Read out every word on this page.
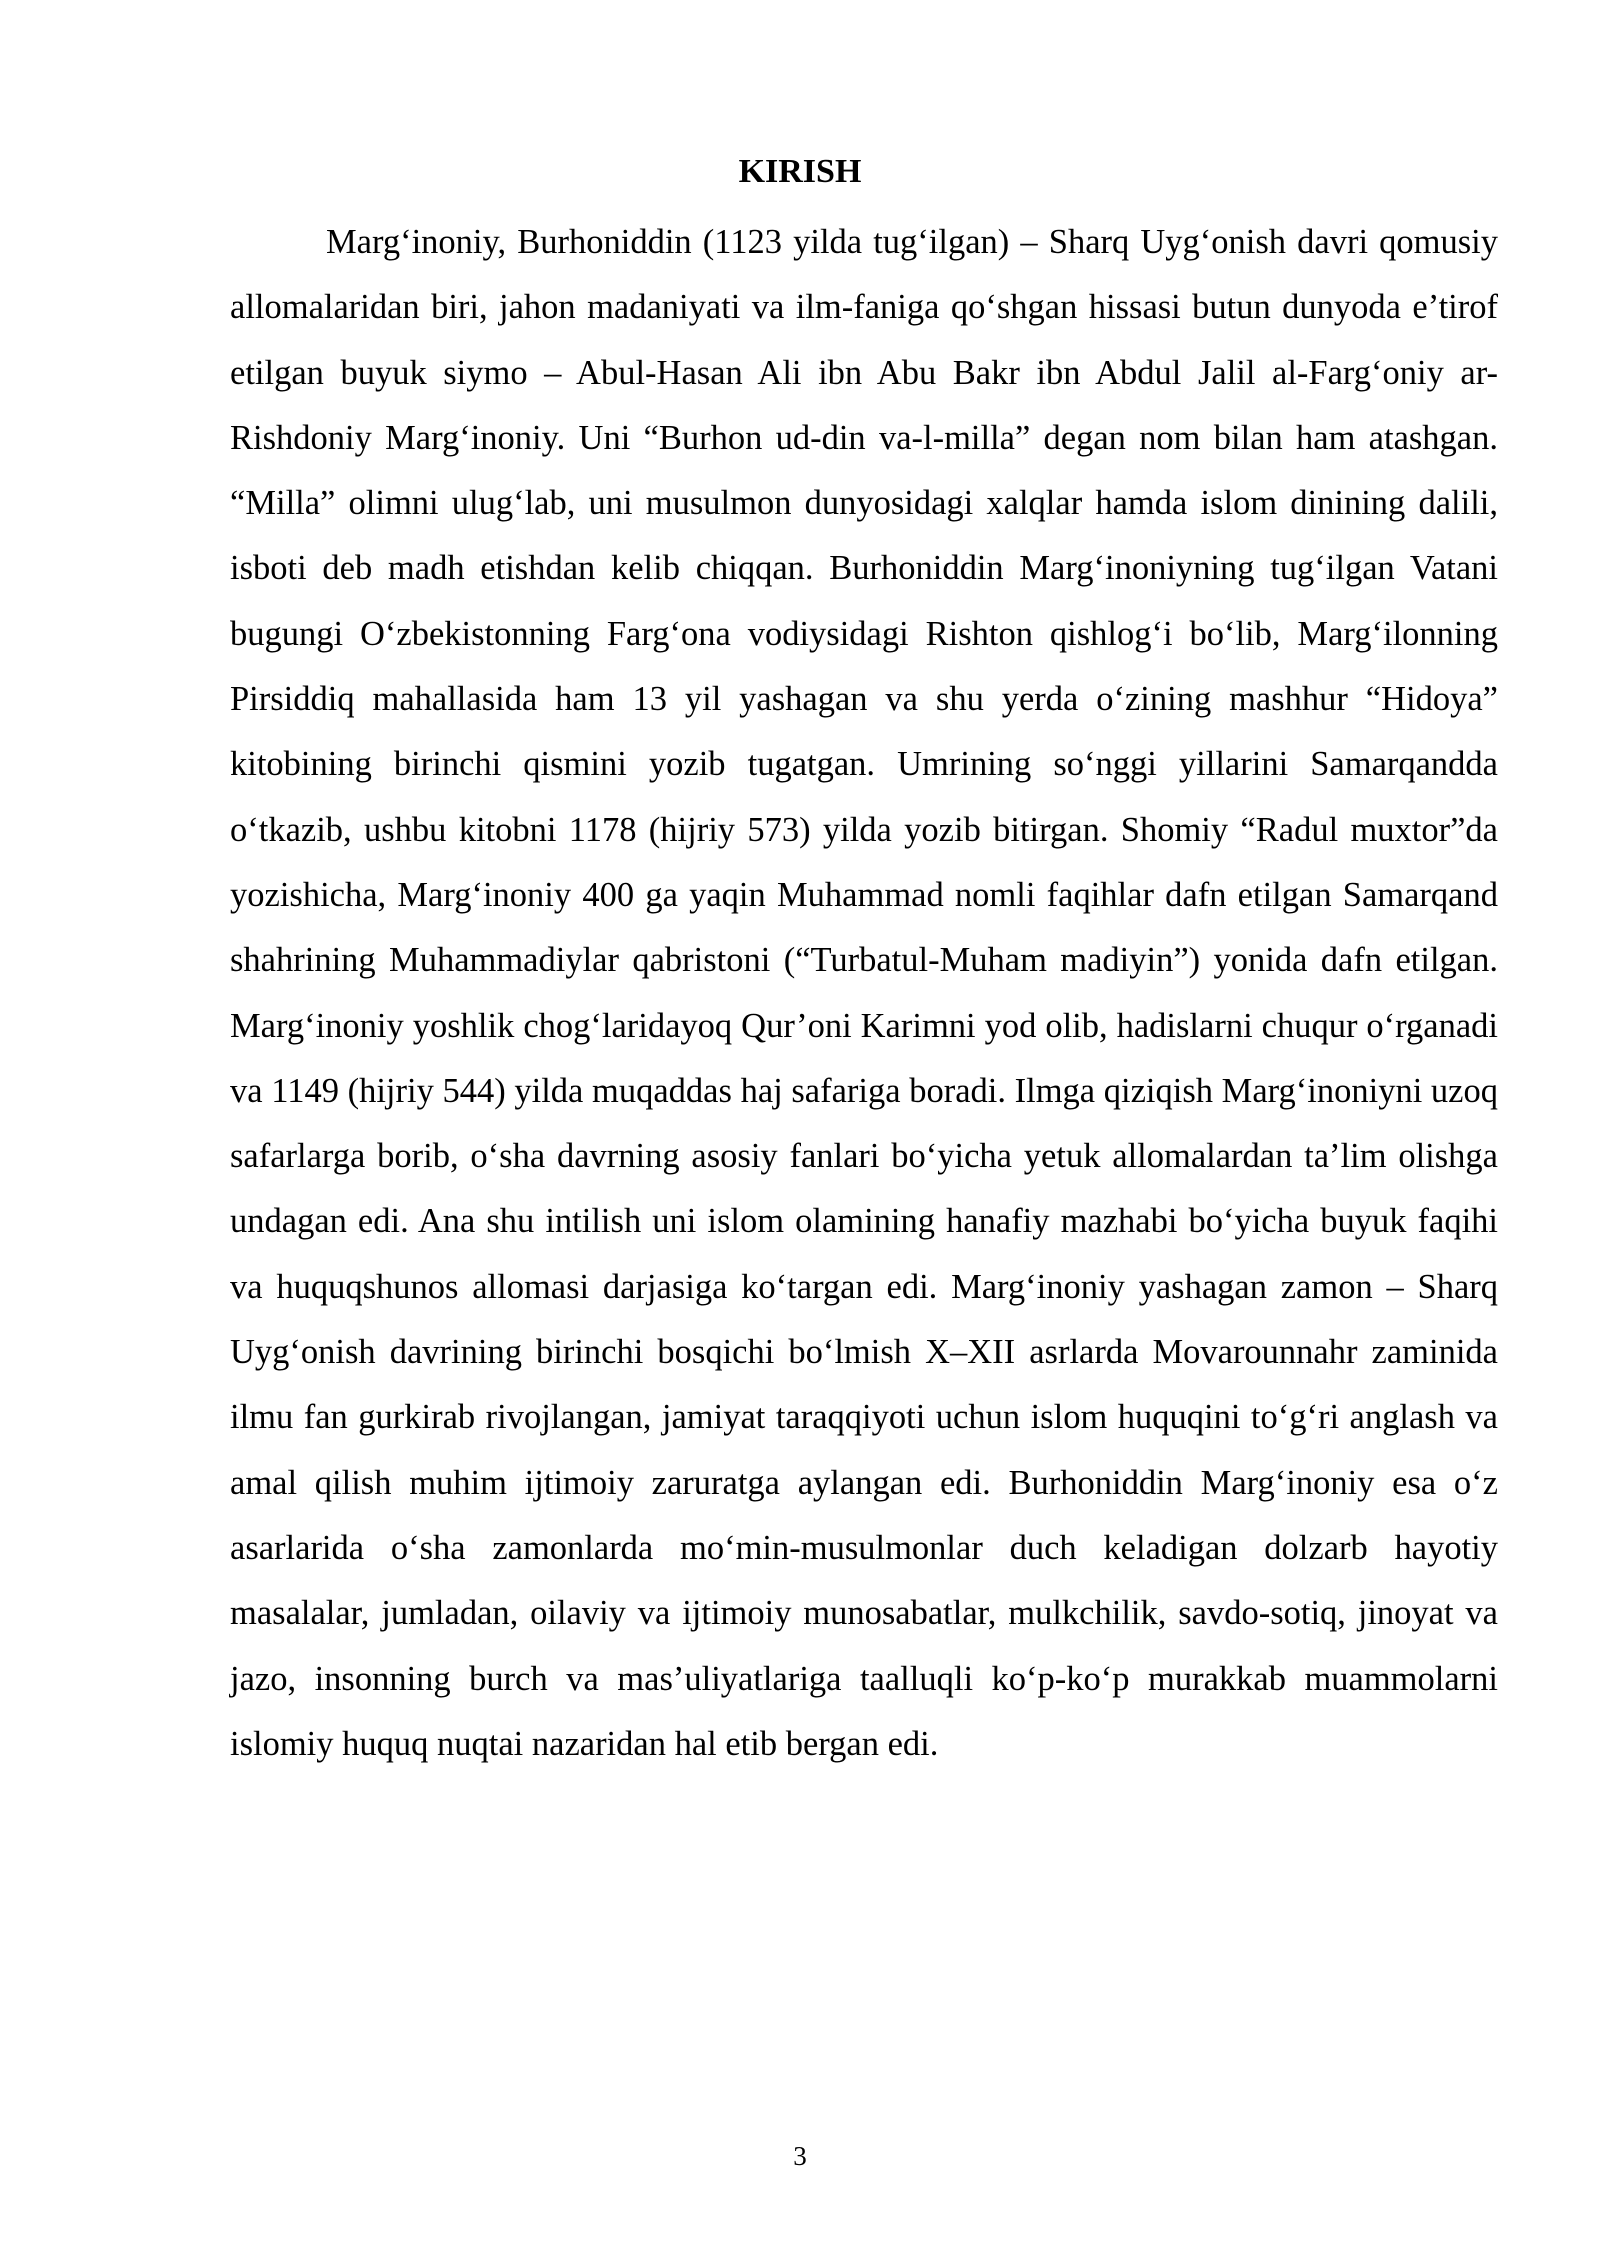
KIRISH

Marg‘inoniy, Burhoniddin (1123 yilda tug‘ilgan) – Sharq Uyg‘onish davri qomusiy allomalaridan biri, jahon madaniyati va ilm-faniga qo‘shgan hissasi butun dunyoda e’tirof etilgan buyuk siymo – Abul-Hasan Ali ibn Abu Bakr ibn Abdul Jalil al-Farg‘oniy ar-Rishdoniy Marg‘inoniy. Uni “Burhon ud-din va-l-milla” degan nom bilan ham atashgan. “Milla” olimni ulug‘lab, uni musulmon dunyosidagi xalqlar hamda islom dinining dalili, isboti deb madh etishdan kelib chiqqan. Burhoniddin Marg‘inoniyning tug‘ilgan Vatani bugungi O‘zbekistonning Farg‘ona vodiysidagi Rishton qishlog‘i bo‘lib, Marg‘ilonning Pirsiddiq mahallasida ham 13 yil yashagan va shu yerda o‘zining mashhur “Hidoya” kitobining birinchi qismini yozib tugatgan. Umrining so‘nggi yillarini Samarqandda o‘tkazib, ushbu kitobni 1178 (hijriy 573) yilda yozib bitirgan. Shomiy “Radul muxtor”da yozishicha, Marg‘inoniy 400 ga yaqin Muhammad nomli faqihlar dafn etilgan Samarqand shahrining Muhammadiylar qabristoni (“Turbatul-Muham madiyin”) yonida dafn etilgan. Marg‘inoniy yoshlik chog‘laridayoq Qur’oni Karimni yod olib, hadislarni chuqur o‘rganadi va 1149 (hijriy 544) yilda muqaddas haj safariga boradi. Ilmga qiziqish Marg‘inoniyni uzoq safarlarga borib, o‘sha davrning asosiy fanlari bo‘yicha yetuk allomalardan ta’lim olishga undagan edi. Ana shu intilish uni islom olamining hanafiy mazhabi bo‘yicha buyuk faqihi va huquqshunos allomasi darjasiga ko‘targan edi. Marg‘inoniy yashagan zamon – Sharq Uyg‘onish davrining birinchi bosqichi bo‘lmish X–XII asrlarda Movarounnahr zaminida ilmu fan gurkirab rivojlangan, jamiyat taraqqiyoti uchun islom huquqini to‘g‘ri anglash va amal qilish muhim ijtimoiy zaruratga aylangan edi. Burhoniddin Marg‘inoniy esa o‘z asarlarida o‘sha zamonlarda mo‘min-musulmonlar duch keladigan dolzarb hayotiy masalalar, jumladan, oilaviy va ijtimoiy munosabatlar, mulkchilik, savdo-sotiq, jinoyat va jazo, insonning burch va mas’uliyatlariga taalluqli ko‘p-ko‘p murakkab muammolarni islomiy huquq nuqtai nazaridan hal etib bergan edi.

3
